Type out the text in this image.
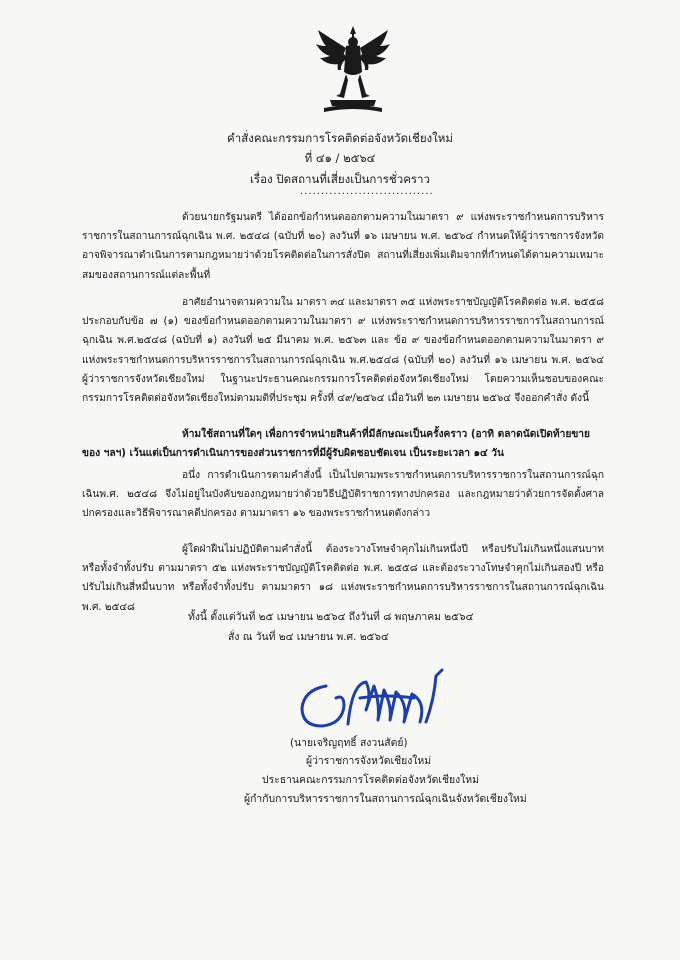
คำสั่งคณะกรรมการโรคติดต่อจังหวัดเชียงใหม่
ที่ ๔๑ / ๒๕๖๔
เรื่อง ปิดสถานที่เสี่ยงเป็นการชั่วคราว
................................

ด้วยนายกรัฐมนตรี ได้ออกข้อกำหนดออกตามความในมาตรา ๙ แห่งพระราชกำหนดการบริหารราชการในสถานการณ์ฉุกเฉิน พ.ศ. ๒๕๔๘ (ฉบับที่ ๒๐) ลงวันที่ ๑๖ เมษายน พ.ศ. ๒๕๖๔ กำหนดให้ผู้ว่าราชการจังหวัดอาจพิจารณาดำเนินการตามกฎหมายว่าด้วยโรคติดต่อในการสั่งปิด สถานที่เสี่ยงเพิ่มเติมจากที่กำหนดได้ตามความเหมาะสมของสถานการณ์แต่ละพื้นที่

อาศัยอำนาจตามความใน มาตรา ๓๔ และมาตรา ๓๕ แห่งพระราชบัญญัติโรคติดต่อ พ.ศ. ๒๕๕๘ ประกอบกับข้อ ๗ (๑) ของข้อกำหนดออกตามความในมาตรา ๙ แห่งพระราชกำหนดการบริหารราชการในสถานการณ์ฉุกเฉิน พ.ศ.๒๕๔๘ (ฉบับที่ ๑) ลงวันที่ ๒๕ มีนาคม พ.ศ. ๒๕๖๓ และ ข้อ ๙ ของข้อกำหนดออกตามความในมาตรา ๙ แห่งพระราชกำหนดการบริหารราชการในสถานการณ์ฉุกเฉิน พ.ศ.๒๕๔๘ (ฉบับที่ ๒๐) ลงวันที่ ๑๖ เมษายน พ.ศ. ๒๕๖๔ ผู้ว่าราชการจังหวัดเชียงใหม่ ในฐานะประธานคณะกรรมการโรคติดต่อจังหวัดเชียงใหม่ โดยความเห็นชอบของคณะกรรมการโรคติดต่อจังหวัดเชียงใหม่ตามมติที่ประชุม ครั้งที่ ๔๙/๒๕๖๔ เมื่อวันที่ ๒๓ เมษายน ๒๕๖๔ จึงออกคำสั่ง ดังนี้

ห้ามใช้สถานที่ใดๆ เพื่อการจำหน่ายสินค้าที่มีลักษณะเป็นครั้งคราว (อาทิ ตลาดนัดเปิดท้ายขายของ ฯลฯ) เว้นแต่เป็นการดำเนินการของส่วนราชการที่มีผู้รับผิดชอบชัดเจน เป็นระยะเวลา ๑๔ วัน

อนึ่ง การดำเนินการตามคำสั่งนี้ เป็นไปตามพระราชกำหนดการบริหารราชการในสถานการณ์ฉุกเฉินพ.ศ. ๒๕๔๘ จึงไม่อยู่ในบังคับของกฎหมายว่าด้วยวิธีปฏิบัติราชการทางปกครอง และกฎหมายว่าด้วยการจัดตั้งศาลปกครองและวิธีพิจารณาคดีปกครอง ตามมาตรา ๑๖ ของพระราชกำหนดดังกล่าว

ผู้ใดฝ่าฝืนไม่ปฏิบัติตามคำสั่งนี้ ต้องระวางโทษจำคุกไม่เกินหนึ่งปี หรือปรับไม่เกินหนึ่งแสนบาท หรือทั้งจำทั้งปรับ ตามมาตรา ๕๒ แห่งพระราชบัญญัติโรคติดต่อ พ.ศ. ๒๕๕๘ และต้องระวางโทษจำคุกไม่เกินสองปี หรือปรับไม่เกินสี่หมื่นบาท หรือทั้งจำทั้งปรับ ตามมาตรา ๑๘ แห่งพระราชกำหนดการบริหารราชการในสถานการณ์ฉุกเฉิน พ.ศ. ๒๕๔๘

ทั้งนี้ ตั้งแต่วันที่ ๒๕ เมษายน ๒๕๖๔ ถึงวันที่ ๘ พฤษภาคม ๒๕๖๔
สั่ง ณ วันที่ ๒๔ เมษายน พ.ศ. ๒๕๖๔
(นายเจริญฤทธิ์ สงวนสัตย์)
ผู้ว่าราชการจังหวัดเชียงใหม่
ประธานคณะกรรมการโรคติดต่อจังหวัดเชียงใหม่
ผู้กำกับการบริหารราชการในสถานการณ์ฉุกเฉินจังหวัดเชียงใหม่
